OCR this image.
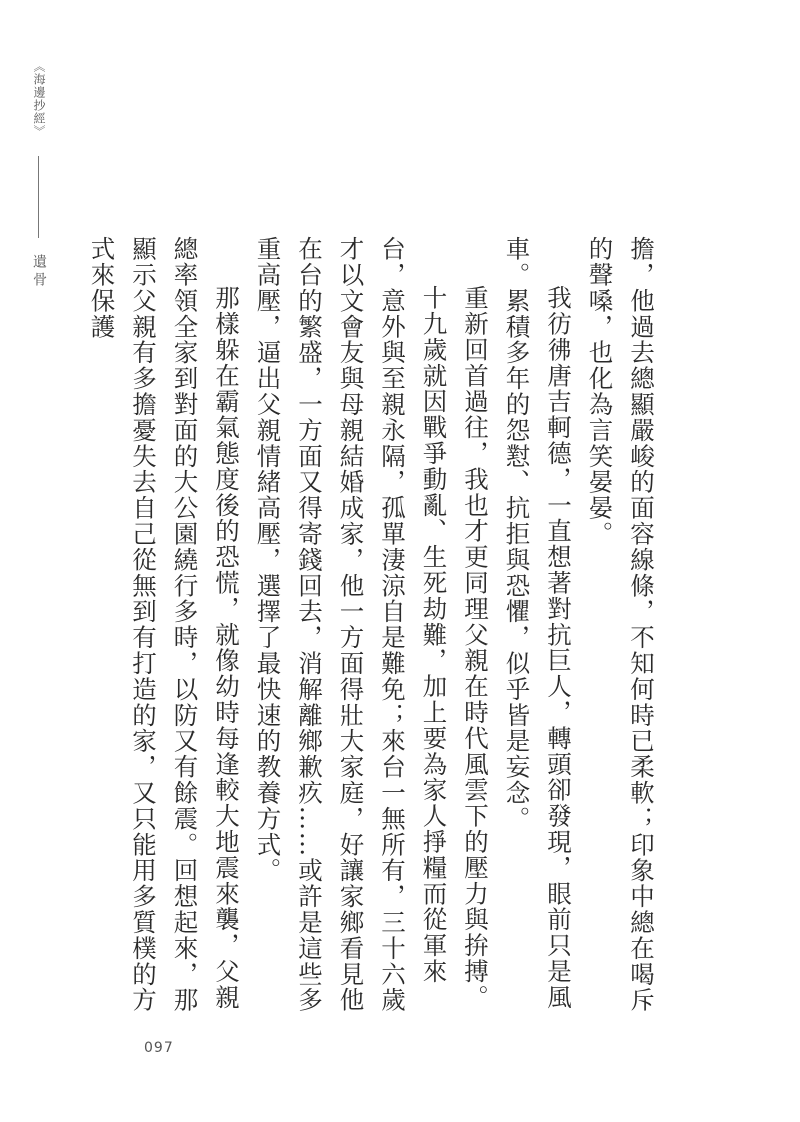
《海邊抄經》
遺骨	擔，他過去總顯嚴峻的面容線條，不知何時已柔軟；印象中總在喝斥的聲嗓，也化為言笑晏晏。

我彷彿唐吉軻德，一直想著對抗巨人，轉頭卻發現，眼前只是風車。累積多年的怨懟、抗拒與恐懼，似乎皆是妄念。

重新回首過往，我也才更同理父親在時代風雲下的壓力與拚搏。

十九歲就因戰爭動亂、生死劫難，加上要為家人掙糧而從軍來台，意外與至親永隔，孤單淒涼自是難免；來台一無所有，三十六歲才以文會友與母親結婚成家，他一方面得壯大家庭，好讓家鄉看見他在台的繁盛，一方面又得寄錢回去，消解離鄉歉疚……或許是這些多重高壓，逼出父親情緒高壓，選擇了最快速的教養方式。

那樣躲在霸氣態度後的恐慌，就像幼時每逢較大地震來襲，父親總率領全家到對面的大公園繞行多時，以防又有餘震。回想起來，那顯示父親有多擔憂失去自己從無到有打造的家，又只能用多質樸的方式來保護

097
